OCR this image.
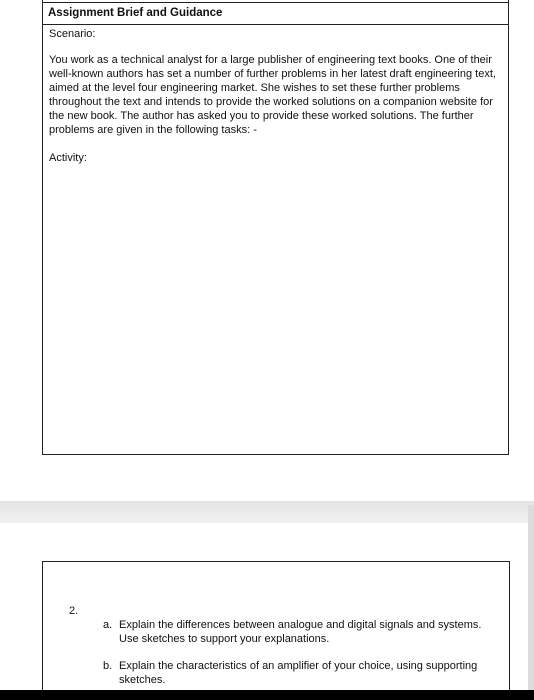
Assignment Brief and Guidance
Scenario:
You work as a technical analyst for a large publisher of engineering text books. One of their well-known authors has set a number of further problems in her latest draft engineering text, aimed at the level four engineering market. She wishes to set these further problems throughout the text and intends to provide the worked solutions on a companion website for the new book. The author has asked you to provide these worked solutions. The further problems are given in the following tasks: -
Activity:
2.
a. Explain the differences between analogue and digital signals and systems. Use sketches to support your explanations.
b. Explain the characteristics of an amplifier of your choice, using supporting sketches.
